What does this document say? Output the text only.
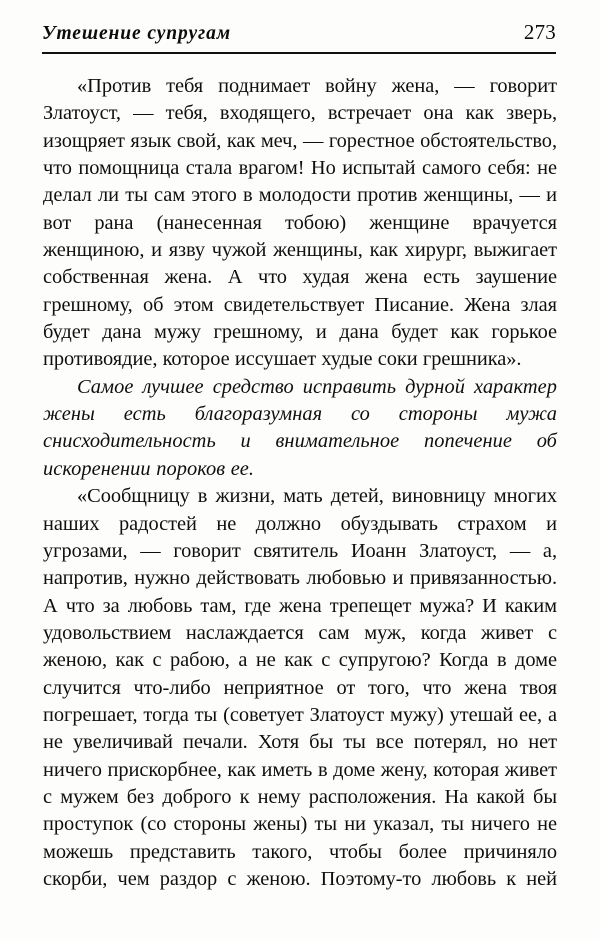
Утешение супругам	273

«Против тебя поднимает войну жена, — говорит Златоуст, — тебя, входящего, встречает она как зверь, изощряет язык свой, как меч, — горестное обстоятельство, что помощница стала врагом! Но испытай самого себя: не делал ли ты сам этого в молодости против женщины, — и вот рана (нанесенная тобою) женщине врачуется женщиною, и язву чужой женщины, как хирург, выжигает собственная жена. А что худая жена есть заушение грешному, об этом свидетельствует Писание. Жена злая будет дана мужу грешному, и дана будет как горькое противоядие, которое иссушает худые соки грешника».

Самое лучшее средство исправить дурной характер жены есть благоразумная со стороны мужа снисходительность и внимательное попечение об искоренении пороков ее.

«Сообщницу в жизни, мать детей, виновницу многих наших радостей не должно обуздывать страхом и угрозами, — говорит святитель Иоанн Златоуст, — а, напротив, нужно действовать любовью и привязанностью. А что за любовь там, где жена трепещет мужа? И каким удовольствием наслаждается сам муж, когда живет с женою, как с рабою, а не как с супругою? Когда в доме случится что-либо неприятное от того, что жена твоя погрешает, тогда ты (советует Златоуст мужу) утешай ее, а не увеличивай печали. Хотя бы ты все потерял, но нет ничего прискорбнее, как иметь в доме жену, которая живет с мужем без доброго к нему расположения. На какой бы проступок (со стороны жены) ты ни указал, ты ничего не можешь представить такого, чтобы более причиняло скорби, чем раздор с женою. Поэтому-то любовь к ней
